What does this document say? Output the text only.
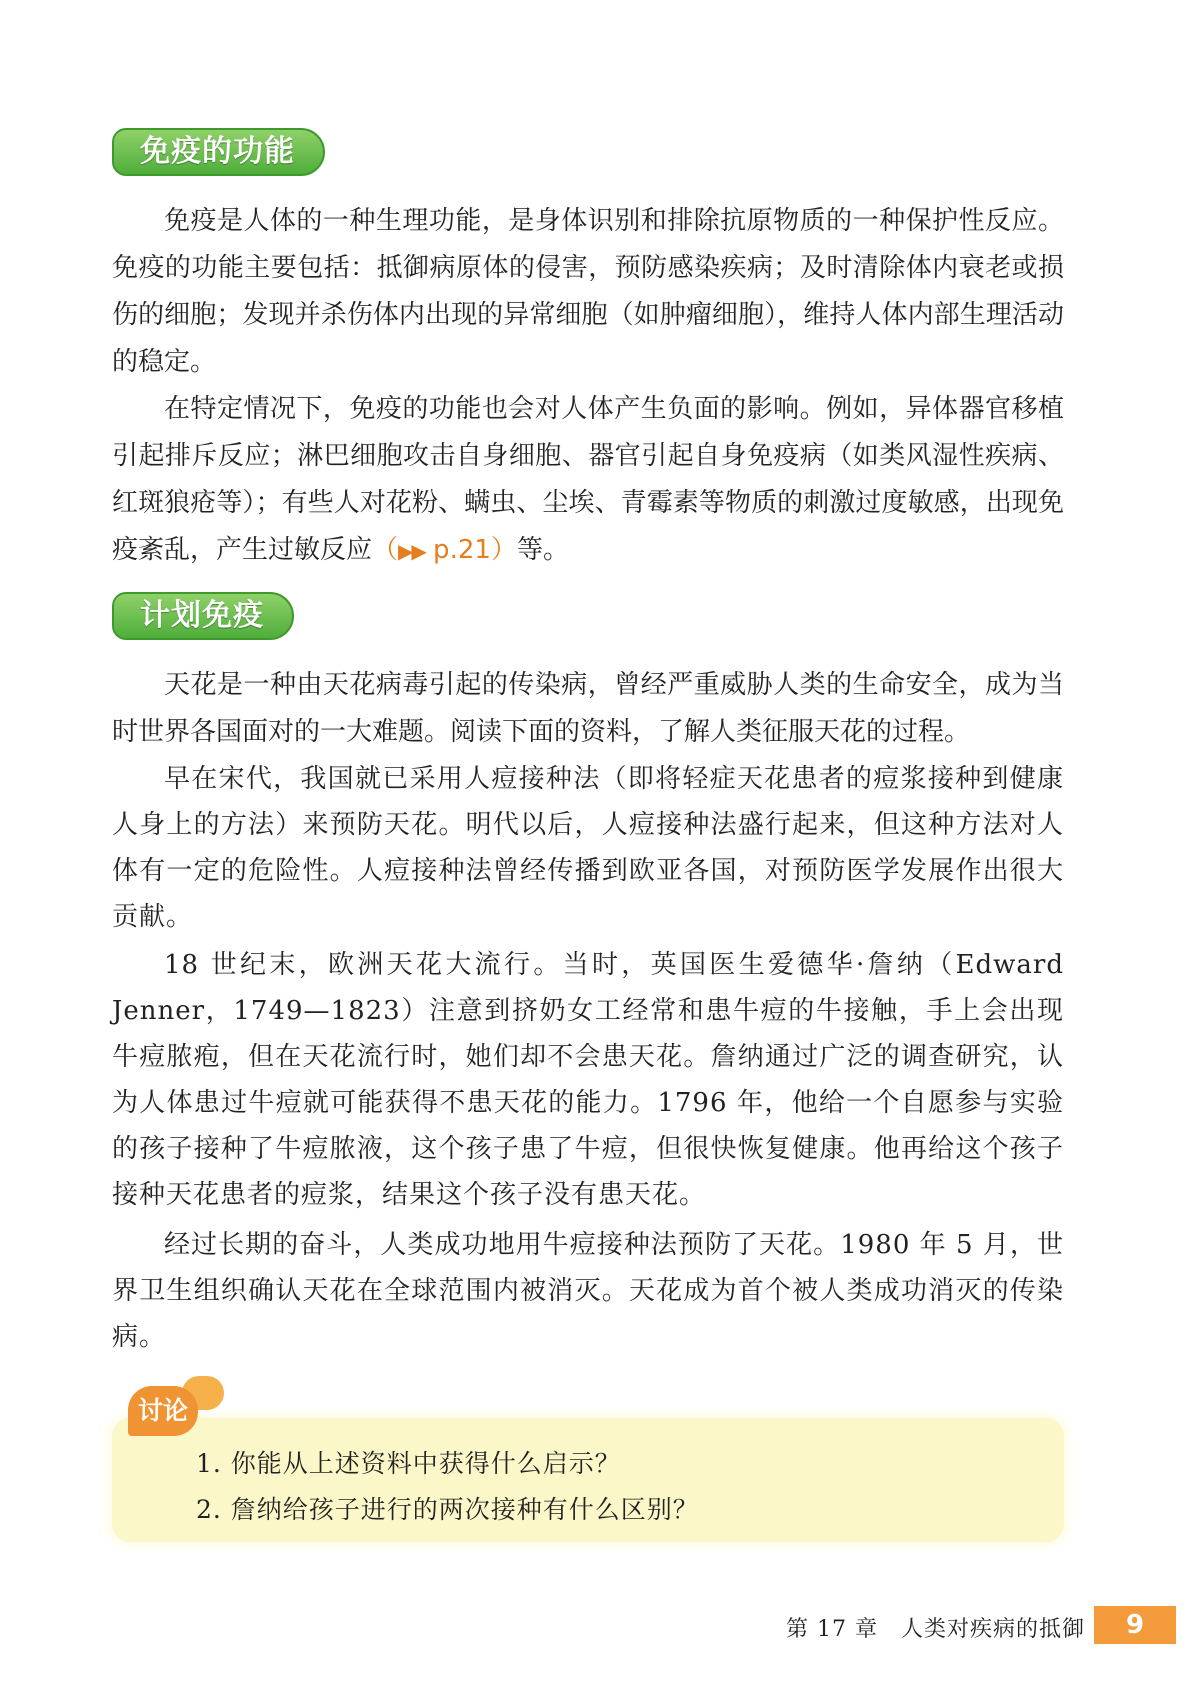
免疫的功能

免疫是人体的一种生理功能，是身体识别和排除抗原物质的一种保护性反应。免疫的功能主要包括：抵御病原体的侵害，预防感染疾病；及时清除体内衰老或损伤的细胞；发现并杀伤体内出现的异常细胞（如肿瘤细胞），维持人体内部生理活动的稳定。

在特定情况下，免疫的功能也会对人体产生负面的影响。例如，异体器官移植引起排斥反应；淋巴细胞攻击自身细胞、器官引起自身免疫病（如类风湿性疾病、红斑狼疮等）；有些人对花粉、螨虫、尘埃、青霉素等物质的刺激过度敏感，出现免疫紊乱，产生过敏反应（▶▶ p.21）等。

计划免疫

天花是一种由天花病毒引起的传染病，曾经严重威胁人类的生命安全，成为当时世界各国面对的一大难题。阅读下面的资料，了解人类征服天花的过程。

早在宋代，我国就已采用人痘接种法（即将轻症天花患者的痘浆接种到健康人身上的方法）来预防天花。明代以后，人痘接种法盛行起来，但这种方法对人体有一定的危险性。人痘接种法曾经传播到欧亚各国，对预防医学发展作出很大贡献。

18 世纪末，欧洲天花大流行。当时，英国医生爱德华·詹纳（Edward Jenner，1749—1823）注意到挤奶女工经常和患牛痘的牛接触，手上会出现牛痘脓疱，但在天花流行时，她们却不会患天花。詹纳通过广泛的调查研究，认为人体患过牛痘就可能获得不患天花的能力。1796 年，他给一个自愿参与实验的孩子接种了牛痘脓液，这个孩子患了牛痘，但很快恢复健康。他再给这个孩子接种天花患者的痘浆，结果这个孩子没有患天花。

经过长期的奋斗，人类成功地用牛痘接种法预防了天花。1980 年 5 月，世界卫生组织确认天花在全球范围内被消灭。天花成为首个被人类成功消灭的传染病。

讨论
1. 你能从上述资料中获得什么启示？
2. 詹纳给孩子进行的两次接种有什么区别？
第 17 章　人类对疾病的抵御	9
